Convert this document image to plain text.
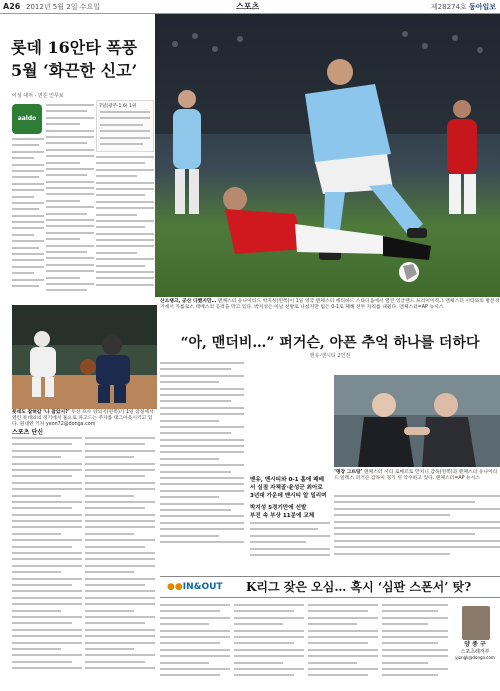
A26 2012년 5월 2일 수요일	스포츠	제28274호 동아일보
롯데 16안타 폭풍
5월 ‘화끈한 신고’
이성 대저 - 먼튼 인무보
aaldo
7일(광주·1.6) 1위
산소탱크, 공산 다했지만… 맨체스터 유나이티드 박지성(왼쪽)이 1일 영국 맨체스터 에티하드 스타디움에서 열린 잉글랜드 프리미어리그 맨체스터 시티와의 방문경기에서 카를로스 테베스의 공격을 막고 있다. 박지성은 이날 선발로 나섰지만 팀은 0-1로 패해 선두 자리를 내줬다. 맨체스터=AP 뉴시스
“아, 맨더비…” 퍼거슨, 아픈 추억 하나를 더하다
맨유-맨시티 2연전
롯데도 잡혀갈 ‘나 잡았지?’ 두산 포수 양의지(왼쪽)가 1일 잠실에서 열린 롯데와의 경기에서 홈으로 파고드는 주자를 태그아웃시키고 있다. 원대연 기자 yeon72@donga.com
스포츠 단신
맨유, 맨시티와 0-1 홈에 패배
서 실점 자책골·윤성군 최아로
3년대 가운데 맨시티 알 밀리며
박지성 5경기만에 선발
부진 속 부상 11분에 교체
‘명장 그뜨랑’ 맨체스터 시티 로베르토 만치니 감독(왼쪽)과 맨체스터 유나이티드 알렉스 퍼거슨 감독이 경기 뒤 악수하고 있다. 맨체스터=AP 뉴시스
●●IN&OUT K리그 잦은 오심… 혹시 ‘심판 스폰서’ 탓?
양 종 구
스포츠레저부
yjongk@donga.com
